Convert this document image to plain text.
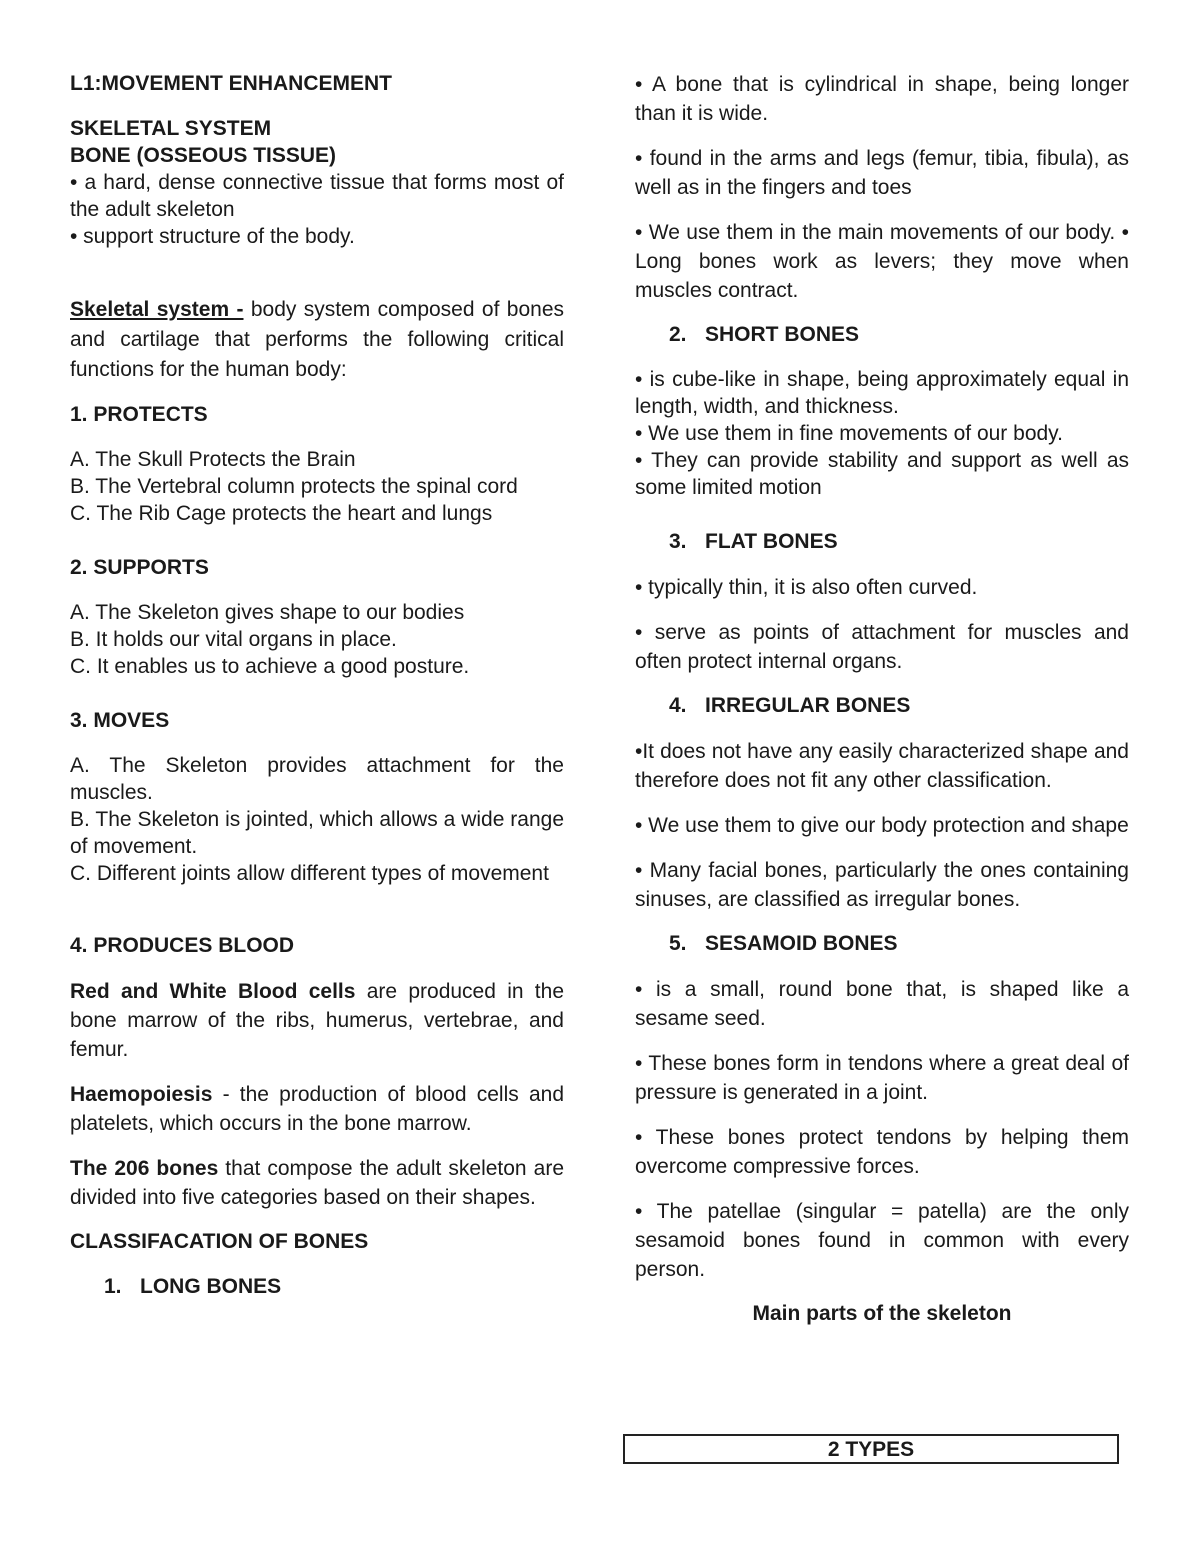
L1:MOVEMENT ENHANCEMENT

SKELETAL SYSTEM

BONE (OSSEOUS TISSUE)

• a hard, dense connective tissue that forms most of the adult skeleton

• support structure of the body.

Skeletal system - body system composed of bones and cartilage that performs the following critical functions for the human body:

1. PROTECTS

A. The Skull Protects the Brain

B. The Vertebral column protects the spinal cord

C. The Rib Cage protects the heart and lungs

2. SUPPORTS

A. The Skeleton gives shape to our bodies

B. It holds our vital organs in place.

C. It enables us to achieve a good posture.

3. MOVES

A. The Skeleton provides attachment for the muscles.

B. The Skeleton is jointed, which allows a wide range of movement.

C. Different joints allow different types of movement

4. PRODUCES BLOOD

Red and White Blood cells are produced in the bone marrow of the ribs, humerus, vertebrae, and femur.

Haemopoiesis - the production of blood cells and platelets, which occurs in the bone marrow.

The 206 bones that compose the adult skeleton are divided into five categories based on their shapes.

CLASSIFACATION OF BONES

1. LONG BONES

• A bone that is cylindrical in shape, being longer than it is wide.

• found in the arms and legs (femur, tibia, fibula), as well as in the fingers and toes

• We use them in the main movements of our body. • Long bones work as levers; they move when muscles contract.

2. SHORT BONES

• is cube-like in shape, being approximately equal in length, width, and thickness.

• We use them in fine movements of our body.

• They can provide stability and support as well as some limited motion

3. FLAT BONES

• typically thin, it is also often curved.

• serve as points of attachment for muscles and often protect internal organs.

4. IRREGULAR BONES

•It does not have any easily characterized shape and therefore does not fit any other classification.

• We use them to give our body protection and shape

• Many facial bones, particularly the ones containing sinuses, are classified as irregular bones.

5. SESAMOID BONES

• is a small, round bone that, is shaped like a sesame seed.

• These bones form in tendons where a great deal of pressure is generated in a joint.

• These bones protect tendons by helping them overcome compressive forces.

• The patellae (singular = patella) are the only sesamoid bones found in common with every person.

Main parts of the skeleton

2 TYPES
